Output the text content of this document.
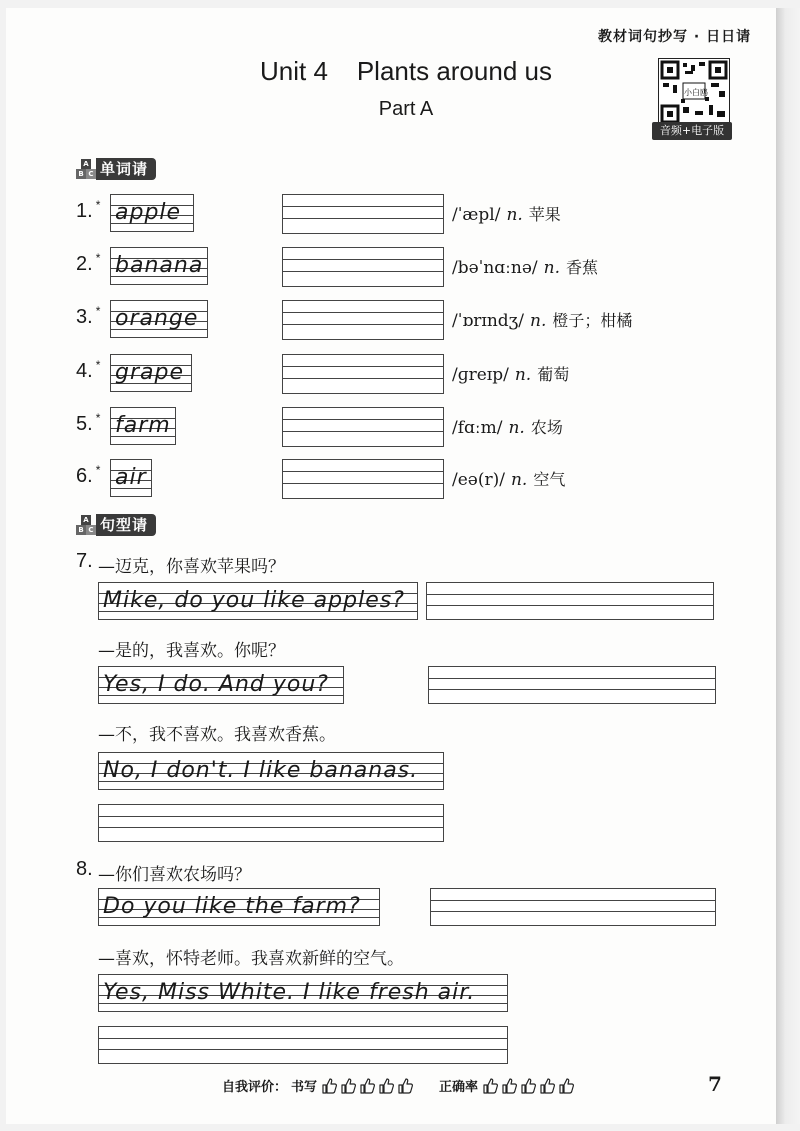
教材词句抄写 · 日日请
Unit 4    Plants around us
Part A
小白鸥
音频+电子版
A
B C 单词请
1. * apple	/ˈæpl/ n. 苹果
2. * banana	/bəˈnɑːnə/ n. 香蕉
3. * orange	/ˈɒrɪndʒ/ n. 橙子；柑橘
4. * grape	/ɡreɪp/ n. 葡萄
5. * farm	/fɑːm/ n. 农场
6. * air	/eə(r)/ n. 空气
A
B C 句型请
7. —迈克，你喜欢苹果吗？
Mike, do you like apples?
—是的，我喜欢。你呢？
Yes, I do. And you?
—不，我不喜欢。我喜欢香蕉。
No, I don't. I like bananas.
8. —你们喜欢农场吗？
Do you like the farm?
—喜欢，怀特老师。我喜欢新鲜的空气。
Yes, Miss White. I like fresh air.
自我评价： 书写	正确率	7
